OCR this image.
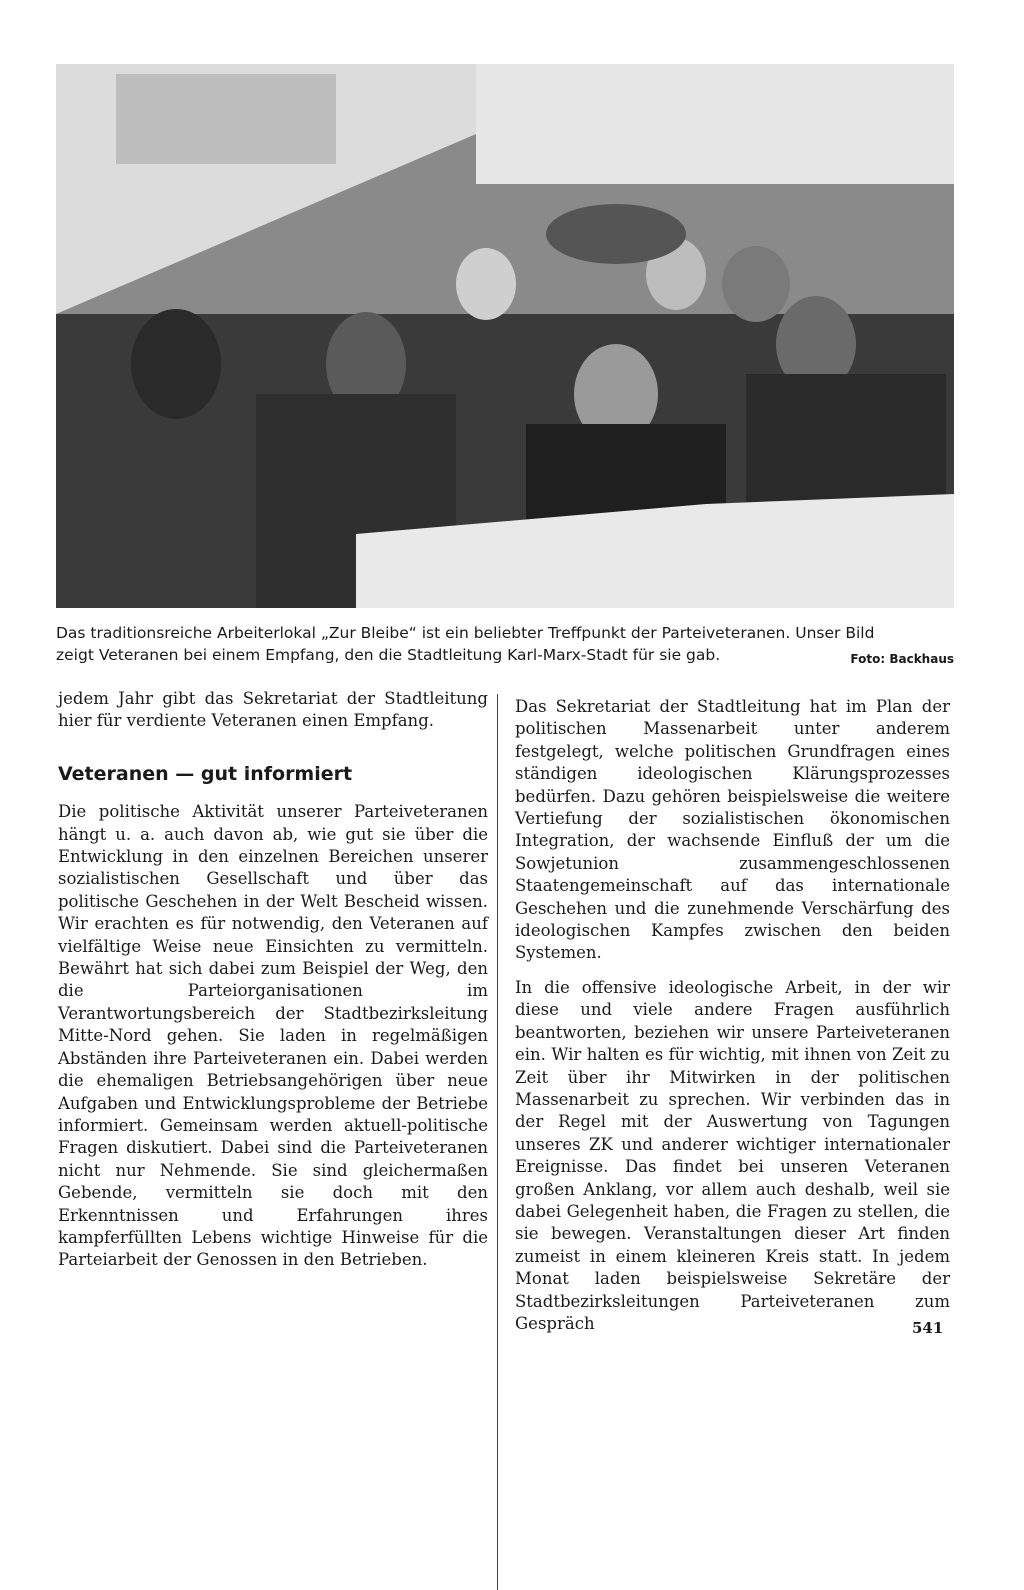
Das traditionsreiche Arbeiterlokal „Zur Bleibe“ ist ein beliebter Treffpunkt der Parteiveteranen. Unser Bild
zeigt Veteranen bei einem Empfang, den die Stadtleitung Karl-Marx-Stadt für sie gab.	Foto: Backhaus

jedem Jahr gibt das Sekretariat der Stadtleitung hier für verdiente Veteranen einen Empfang.

Veteranen — gut informiert

Die politische Aktivität unserer Parteiveteranen hängt u. a. auch davon ab, wie gut sie über die Entwicklung in den einzelnen Bereichen unserer sozialistischen Gesellschaft und über das politische Geschehen in der Welt Bescheid wissen. Wir erachten es für notwendig, den Veteranen auf vielfältige Weise neue Einsichten zu vermitteln. Bewährt hat sich dabei zum Beispiel der Weg, den die Parteiorganisationen im Verantwortungsbereich der Stadtbezirksleitung Mitte-Nord gehen. Sie laden in regelmäßigen Abständen ihre Parteiveteranen ein. Dabei werden die ehemaligen Betriebsangehörigen über neue Aufgaben und Entwicklungsprobleme der Betriebe informiert. Gemeinsam werden aktuell-politische Fragen diskutiert. Dabei sind die Parteiveteranen nicht nur Nehmende. Sie sind gleichermaßen Gebende, vermitteln sie doch mit den Erkenntnissen und Erfahrungen ihres kampferfüllten Lebens wichtige Hinweise für die Parteiarbeit der Genossen in den Betrieben.

Das Sekretariat der Stadtleitung hat im Plan der politischen Massenarbeit unter anderem festgelegt, welche politischen Grundfragen eines ständigen ideologischen Klärungsprozesses bedürfen. Dazu gehören beispielsweise die weitere Vertiefung der sozialistischen ökonomischen Integration, der wachsende Einfluß der um die Sowjetunion zusammengeschlossenen Staatengemeinschaft auf das internationale Geschehen und die zunehmende Verschärfung des ideologischen Kampfes zwischen den beiden Systemen.

In die offensive ideologische Arbeit, in der wir diese und viele andere Fragen ausführlich beantworten, beziehen wir unsere Parteiveteranen ein. Wir halten es für wichtig, mit ihnen von Zeit zu Zeit über ihr Mitwirken in der politischen Massenarbeit zu sprechen. Wir verbinden das in der Regel mit der Auswertung von Tagungen unseres ZK und anderer wichtiger internationaler Ereignisse. Das findet bei unseren Veteranen großen Anklang, vor allem auch deshalb, weil sie dabei Gelegenheit haben, die Fragen zu stellen, die sie bewegen. Veranstaltungen dieser Art finden zumeist in einem kleineren Kreis statt. In jedem Monat laden beispielsweise Sekretäre der Stadtbezirksleitungen Parteiveteranen zum Gespräch	541
